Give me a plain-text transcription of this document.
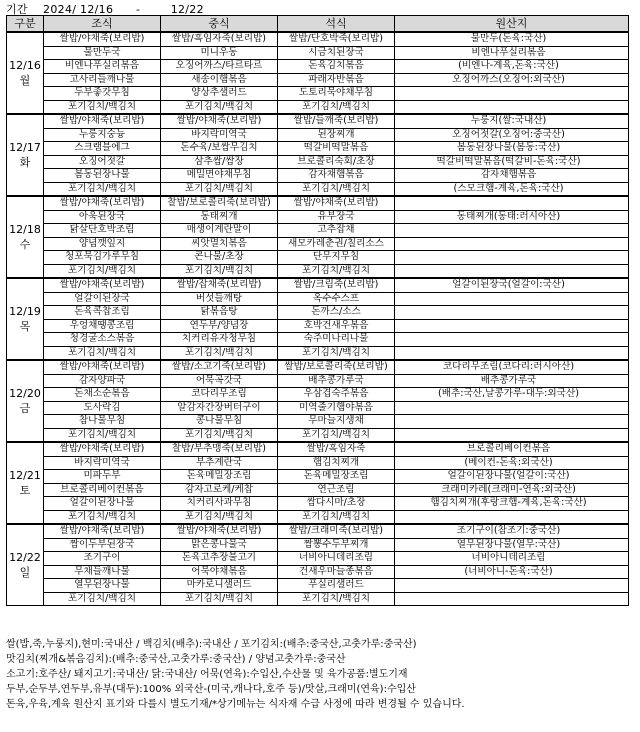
기간 2024/ 12/16 -	12/22
구분	조식	중식	석식	원산지

12/16
월	쌀밥/야채죽(보리밥)	쌀밥/흑임자죽(보리밥)	쌀밥/단호박죽(보리밥)	물만두(돈육:국산)
	물만두국	미니우동	시금치된장국	비엔나푸실리볶음
	비엔나푸실리볶음	오징어까스/타르타르	돈육김치볶음	(비엔나-계육,돈육:국산)
	고사리들깨나물	새송이햄볶음	파래자반볶음	오징어까스(오징어:외국산)
	두부좋갓무침	양상추샐러드	도토리묵야채무침	
	포기김치/백김치	포기김치/백김치	포기김치/백김치	

12/17
화	쌀밥/야채죽(보리밥)	쌀밥/야채죽(보리밥)	쌀밥/들깨죽(보리밥)	누룽지(쌀:국내산)
	누룽지숭늉	바지락미역국	된장찌개	오징어젓갈(오징어:중국산)
	스크램블에그	돈수육/보쌈무김치	떡갈비떡말볶음	봄동된장나물(봄동:국산)
	오징어젓갈	삼추쌈/쌈장	브로콜리숙회/초장	떡갈비떡말볶음(떡갈비-돈육:국산)
	봄동된장나물	메밀면야채무침	감자채햄볶음	감자채햄볶음
	포기김치/백김치	포기김치/백김치	포기김치/백김치	(스모크햄-계육,돈육:국산)

12/18
수	쌀밥/야채죽(보리밥)	찰밥/보로콜리죽(보리밥)	쌀밥/야채죽(보리밥)	
	아욱된장국	동태찌개	유부장국	동태찌개(동태:러시아산)
	닭살단호박조림	매생이계란말이	고추잡채	
	양념깻잎지	씨앗멸치볶음	새모카레춘권/칠리소스	
	청포묵김가루무침	콘나물/초장	단무지무침	
	포기김치/백김치	포기김치/백김치	포기김치/백김치	

12/19
목	쌀밥/야채죽(보리밥)	쌀밥/잡채죽(보리밥)	쌀밥/크림죽(보리밥)	얼갈이된장국(얼갈이:국산)
	얼갈이된장국	버섯들깨탕	옥수수스프	
	돈육콕찹조림	닭볶음탕	돈까스/소스	
	우엉채땡콩조림	연두부/양념장	호박건새우볶음	
	청경굴소스볶음	치커리유자청무침	숙주미나리나물	
	포기김치/백김치	포기김치/백김치	포기김치/백김치	

12/20
금	쌀밥/야채죽(보리밥)	쌀밥/소고기죽(보리밥)	쌀밥/보로콜리죽(보리밥)	코다리무조림(코다리:러시아산)
	감자양파국	어묵곡갓국	배추콩가루국	배추콩가루국
	돈채소순볶음	코다리무조림	우삼겹숙주볶음	(배추:국산,날콩가루-대두:외국산)
	도사락김	알감자간장버터구이	미역줄기햄야볶음	
	참나물무침	콩나물무침	무마늘지생채	
	포기김치/백김치	포기김치/백김치	포기김치/백김치	

12/21
토	쌀밥/야채죽(보리밥)	찰밥/부추맹죽(보리밥)	쌀밥/흑임자죽	브로콜리베이컨볶음
	바지락미역국	부추계란국	햄김치찌개	(베이컨-돈육:외국산)
	미파두부	돈육메밀장조림	돈육메밀장조림	얼갈이된장나물(얼갈이:국산)
	브로콜리베이컨볶음	감자고로케/케찹	연근조림	크래미카레(크래미-연육:외국산)
	얼갈이된장나물	치커리사과무침	쌈다시마/초장	햄김치찌개(후랑크햄-계육,돈육:국산)
	포기김치/백김치	포기김치/백김치	포기김치/백김치	

12/22
일	쌀밥/야채죽(보리밥)	쌀밥/야채죽(보리밥)	쌀밥/크래미죽(보리밥)	조기구이(참조기:중국산)
	짬이두부된장국	맑은콩나물국	짬뽕수두부찌개	열무된장나물(열무:국산)
	조기구이	돈육고추장불고기	너비아니데리조림	너비아니데리조림
	무채들깨나물	어묵야채볶음	건새우마늘종볶음	(너비아니-돈육:국산)
	열무된장나물	마카로니샐러드	푸실리샐러드	
	포기김치/백김치	포기김치/백김치	포기김치/백김치	
쌀(밥,죽,누룽지),현미:국내산 / 백김치(배추):국내산 / 포기김치:(배추:중국산,고춧가루:중국산)
맛김치(찌개&볶음김치):(배추:중국산,고춧가루:중국산) / 양념고춧가루:중국산
소고기:호주산/ 돼지고기:국내산/ 닭:국내산/ 어묵(연육):수입산,수산물 및 육가공품:별도기재
두부,순두부,연두부,유부(대두):100% 외국산-(미국,캐나다,호주 등)/맛살,크래미(연육):수입산
돈육,우육,계육 원산지 표기와 다를시 별도기재/*상기메뉴는 식자재 수급 사정에 따라 변경될 수 있습니다.
